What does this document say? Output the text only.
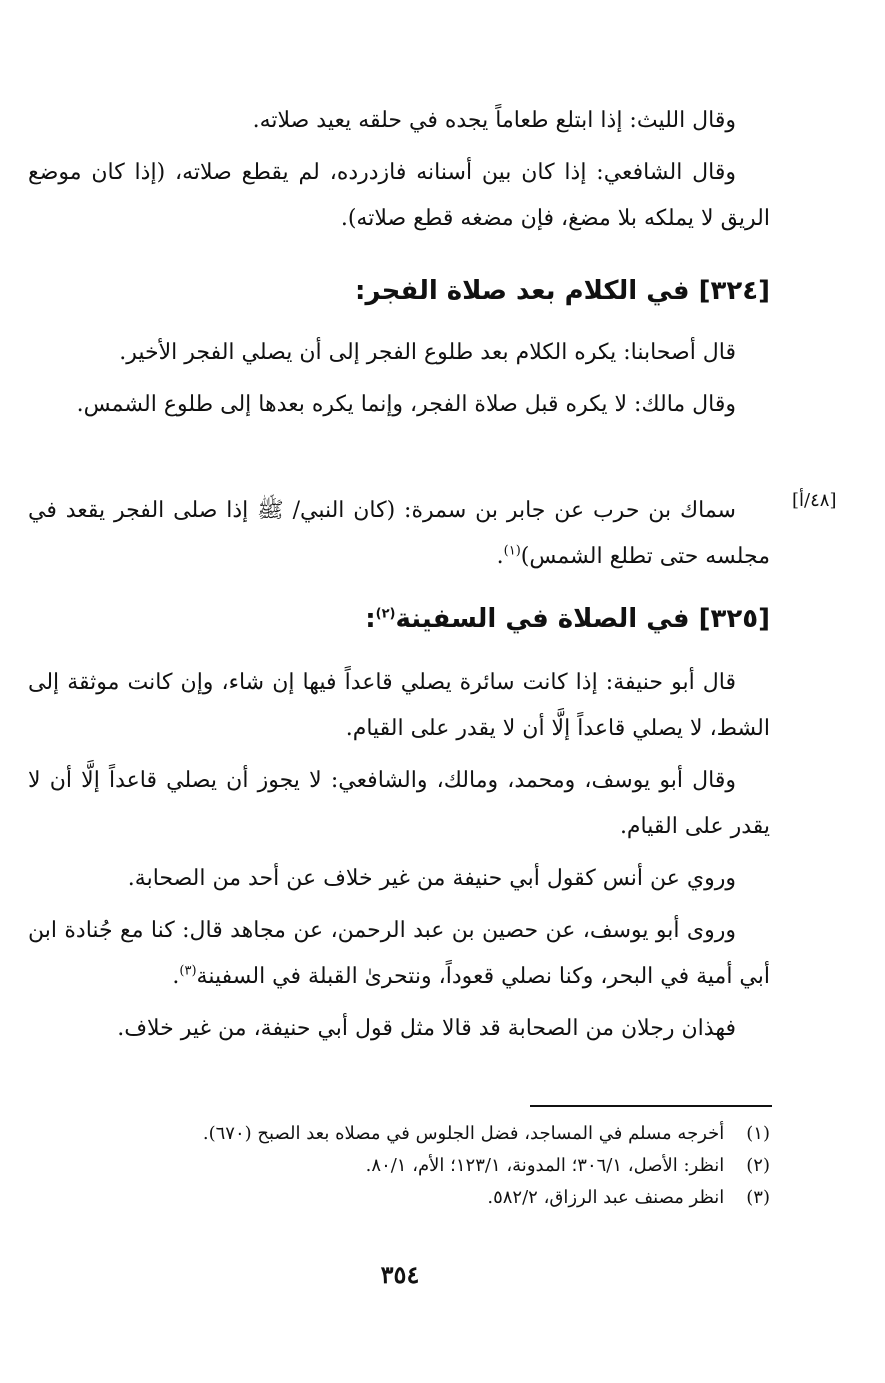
وقال الليث: إذا ابتلع طعاماً يجده في حلقه يعيد صلاته.

وقال الشافعي: إذا كان بين أسنانه فازدرده، لم يقطع صلاته، (إذا كان موضع الريق لا يملكه بلا مضغ، فإن مضغه قطع صلاته).

[٣٢٤] في الكلام بعد صلاة الفجر:

قال أصحابنا: يكره الكلام بعد طلوع الفجر إلى أن يصلي الفجر الأخير.

وقال مالك: لا يكره قبل صلاة الفجر، وإنما يكره بعدها إلى طلوع الشمس.

[٤٨/أ]

سماك بن حرب عن جابر بن سمرة: (كان النبي/ ﷺ إذا صلى الفجر يقعد في مجلسه حتى تطلع الشمس)$^{(١)}$.

[٣٢٥] في الصلاة في السفينة$^{(٢)}$:

قال أبو حنيفة: إذا كانت سائرة يصلي قاعداً فيها إن شاء، وإن كانت موثقة إلى الشط، لا يصلي قاعداً إلَّا أن لا يقدر على القيام.

وقال أبو يوسف، ومحمد، ومالك، والشافعي: لا يجوز أن يصلي قاعداً إلَّا أن لا يقدر على القيام.

وروي عن أنس كقول أبي حنيفة من غير خلاف عن أحد من الصحابة.

وروى أبو يوسف، عن حصين بن عبد الرحمن، عن مجاهد قال: كنا مع جُنادة ابن أبي أمية في البحر، وكنا نصلي قعوداً، ونتحرىٰ القبلة في السفينة$^{(٣)}$.

فهذان رجلان من الصحابة قد قالا مثل قول أبي حنيفة، من غير خلاف.

(١) أخرجه مسلم في المساجد، فضل الجلوس في مصلاه بعد الصبح (٦٧٠).

(٢) انظر: الأصل، ٣٠٦/١؛ المدونة، ١٢٣/١؛ الأم، ٨٠/١.

(٣) انظر مصنف عبد الرزاق، ٥٨٢/٢.

٣٥٤
